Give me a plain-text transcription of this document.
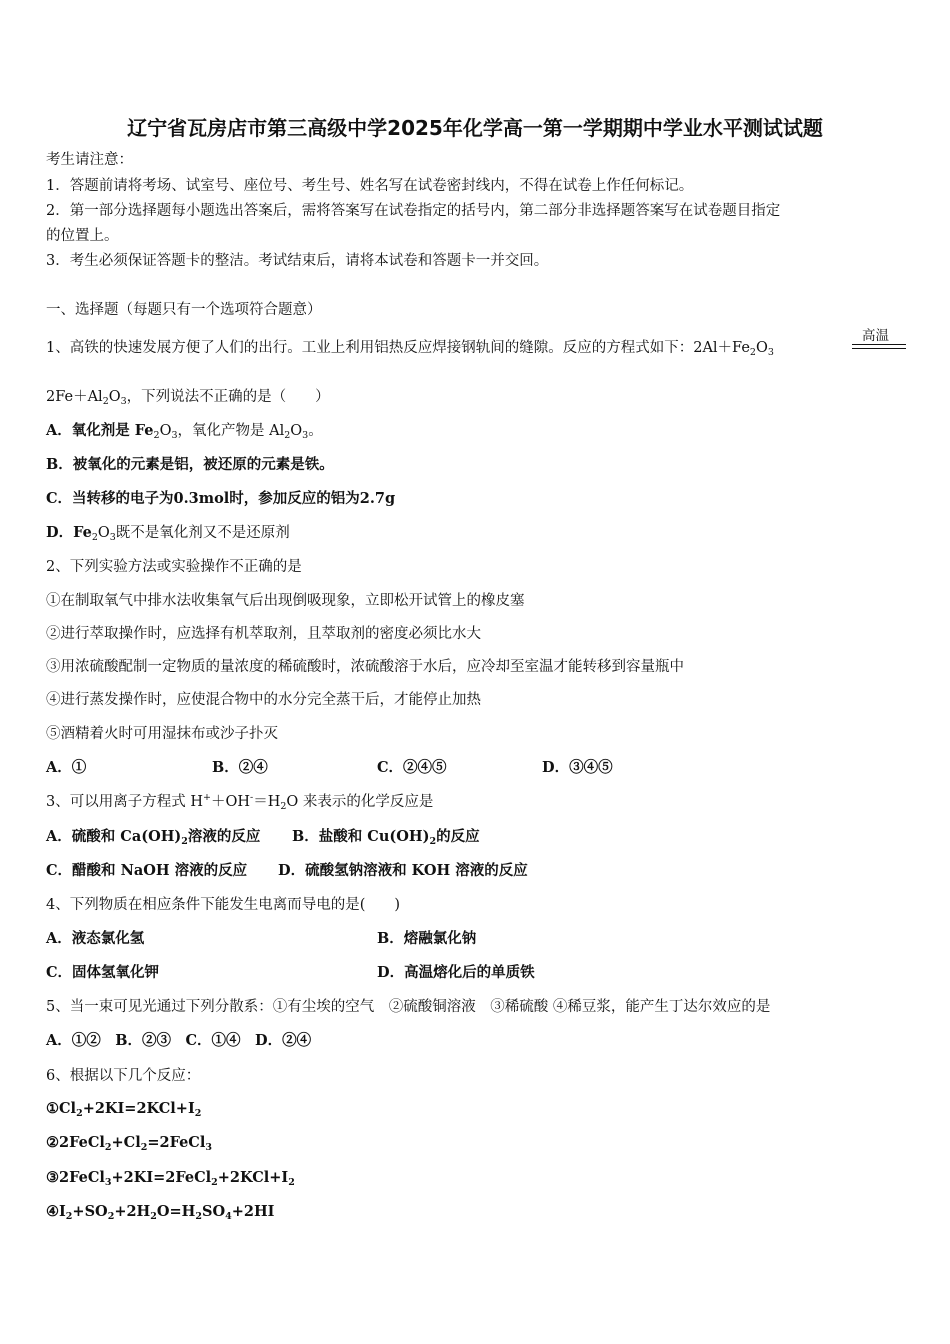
辽宁省瓦房店市第三高级中学2025年化学高一第一学期期中学业水平测试试题
考生请注意：
1．答题前请将考场、试室号、座位号、考生号、姓名写在试卷密封线内，不得在试卷上作任何标记。
2．第一部分选择题每小题选出答案后，需将答案写在试卷指定的括号内，第二部分非选择题答案写在试卷题目指定
的位置上。
3．考生必须保证答题卡的整洁。考试结束后，请将本试卷和答题卡一并交回。
一、选择题（每题只有一个选项符合题意）
1、高铁的快速发展方便了人们的出行。工业上利用铝热反应焊接钢轨间的缝隙。反应的方程式如下：$2Al+Fe_2O_3$
高温
$2Fe+Al_2O_3$，下列说法不正确的是（　　）
A．氧化剂是 $Fe_2O_3$，氧化产物是 $Al_2O_3$。
B．被氧化的元素是铝，被还原的元素是铁。
C．当转移的电子为0.3mol时，参加反应的铝为2.7g
D．$Fe_2O_3$既不是氧化剂又不是还原剂
2、下列实验方法或实验操作不正确的是
①在制取氧气中排水法收集氧气后出现倒吸现象，立即松开试管上的橡皮塞
②进行萃取操作时，应选择有机萃取剂，且萃取剂的密度必须比水大
③用浓硫酸配制一定物质的量浓度的稀硫酸时，浓硫酸溶于水后，应冷却至室温才能转移到容量瓶中
④进行蒸发操作时，应使混合物中的水分完全蒸干后，才能停止加热
⑤酒精着火时可用湿抹布或沙子扑灭
A．①	B．②④	C．②④⑤	D．③④⑤
3、可以用离子方程式 $H^++OH^-=H_2O$ 来表示的化学反应是
A．硫酸和 $Ca(OH)_2$溶液的反应 B．盐酸和 $Cu(OH)_2$的反应
C．醋酸和 NaOH 溶液的反应 D．硫酸氢钠溶液和 KOH 溶液的反应
4、下列物质在相应条件下能发生电离而导电的是(　　)
A．液态氯化氢	B．熔融氯化钠
C．固体氢氧化钾	D．高温熔化后的单质铁
5、当一束可见光通过下列分散系：①有尘埃的空气　②硫酸铜溶液　③稀硫酸 ④稀豆浆，能产生丁达尔效应的是
A．①②　B．②③　C．①④　D．②④
6、根据以下几个反应：
$①Cl_2+2KI=2KCl+I_2$
$②2FeCl_2+Cl_2=2FeCl_3$
$③2FeCl_3+2KI=2FeCl_2+2KCl+I_2$
$④I_2+SO_2+2H_2O=H_2SO_4+2HI$
